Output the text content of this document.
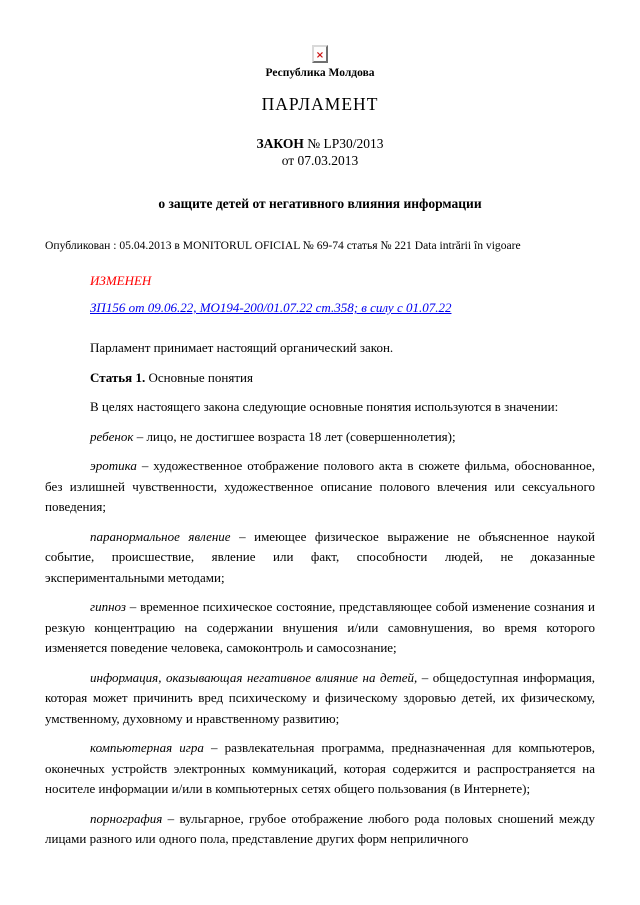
×
Республика Молдова
ПАРЛАМЕНТ
ЗАКОН № LP30/2013
от 07.03.2013
о защите детей от негативного влияния информации
Опубликован : 05.04.2013 в MONITORUL OFICIAL № 69-74 статья № 221 Data intrării în vigoare
ИЗМЕНЕН
ЗП156 от 09.06.22, МО194-200/01.07.22 ст.358; в силу с 01.07.22

Парламент принимает настоящий органический закон.

Статья 1. Основные понятия

В целях настоящего закона следующие основные понятия используются в значении:

ребенок – лицо, не достигшее возраста 18 лет (совершеннолетия);

эротика – художественное отображение полового акта в сюжете фильма, обоснованное, без излишней чувственности, художественное описание полового влечения или сексуального поведения;

паранормальное явление – имеющее физическое выражение не объясненное наукой событие, происшествие, явление или факт, способности людей, не доказанные экспериментальными методами;

гипноз – временное психическое состояние, представляющее собой изменение сознания и резкую концентрацию на содержании внушения и/или самовнушения, во время которого изменяется поведение человека, самоконтроль и самосознание;

информация, оказывающая негативное влияние на детей, – общедоступная информация, которая может причинить вред психическому и физическому здоровью детей, их физическому, умственному, духовному и нравственному развитию;

компьютерная игра – развлекательная программа, предназначенная для компьютеров, оконечных устройств электронных коммуникаций, которая содержится и распространяется на носителе информации и/или в компьютерных сетях общего пользования (в Интернете);

порнография – вульгарное, грубое отображение любого рода половых сношений между лицами разного или одного пола, представление других форм неприличного
